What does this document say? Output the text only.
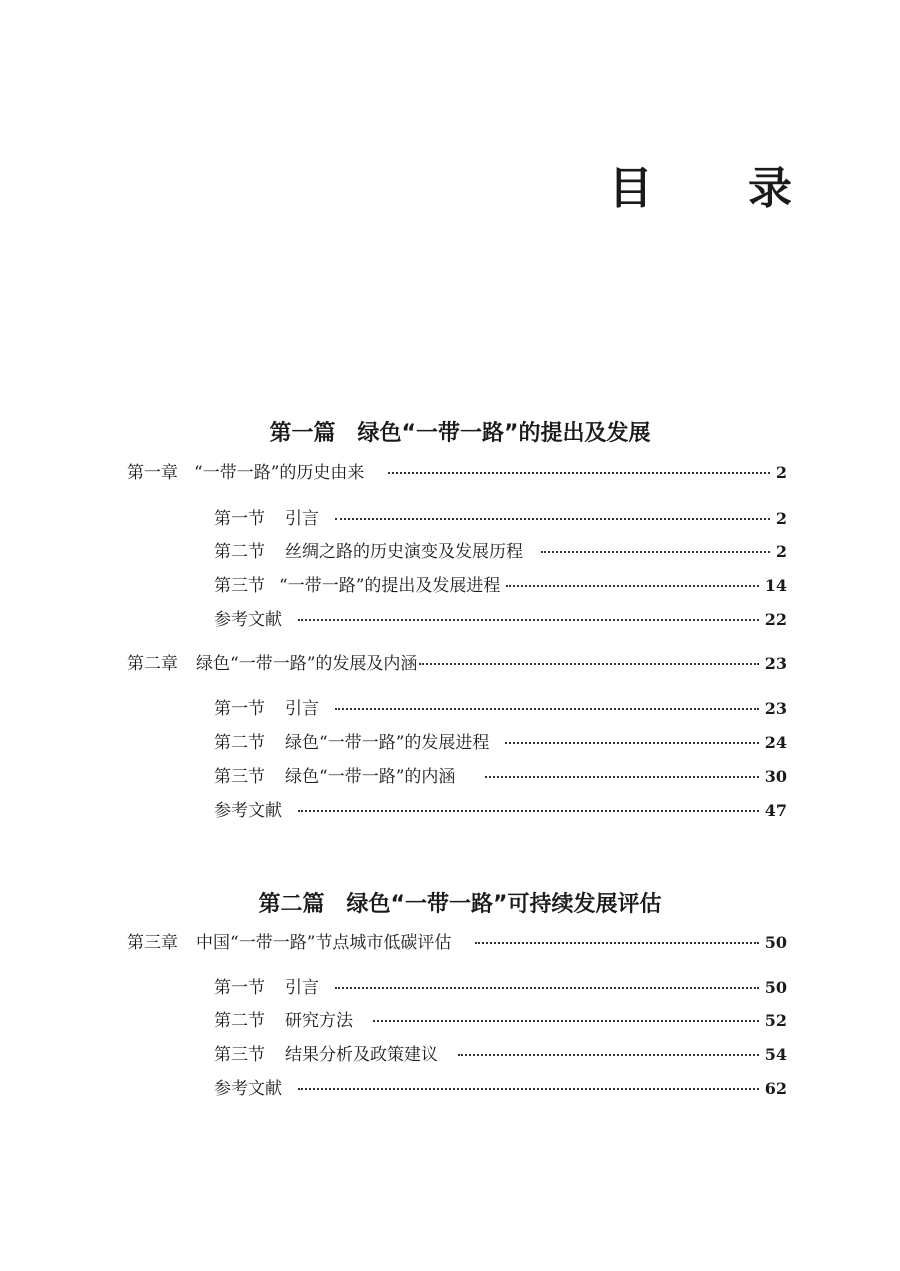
目 录
第一篇　绿色“一带一路”的提出及发展
第一章 “一带一路”的历史由来	2
第一节 引言	2
第二节 丝绸之路的历史演变及发展历程	2
第三节 “一带一路”的提出及发展进程	14
参考文献	22
第二章 绿色“一带一路”的发展及内涵	23
第一节 引言	23
第二节 绿色“一带一路”的发展进程	24
第三节 绿色“一带一路”的内涵	30
参考文献	47
第二篇　绿色“一带一路”可持续发展评估
第三章 中国“一带一路”节点城市低碳评估	50
第一节 引言	50
第二节 研究方法	52
第三节 结果分析及政策建议	54
参考文献	62
